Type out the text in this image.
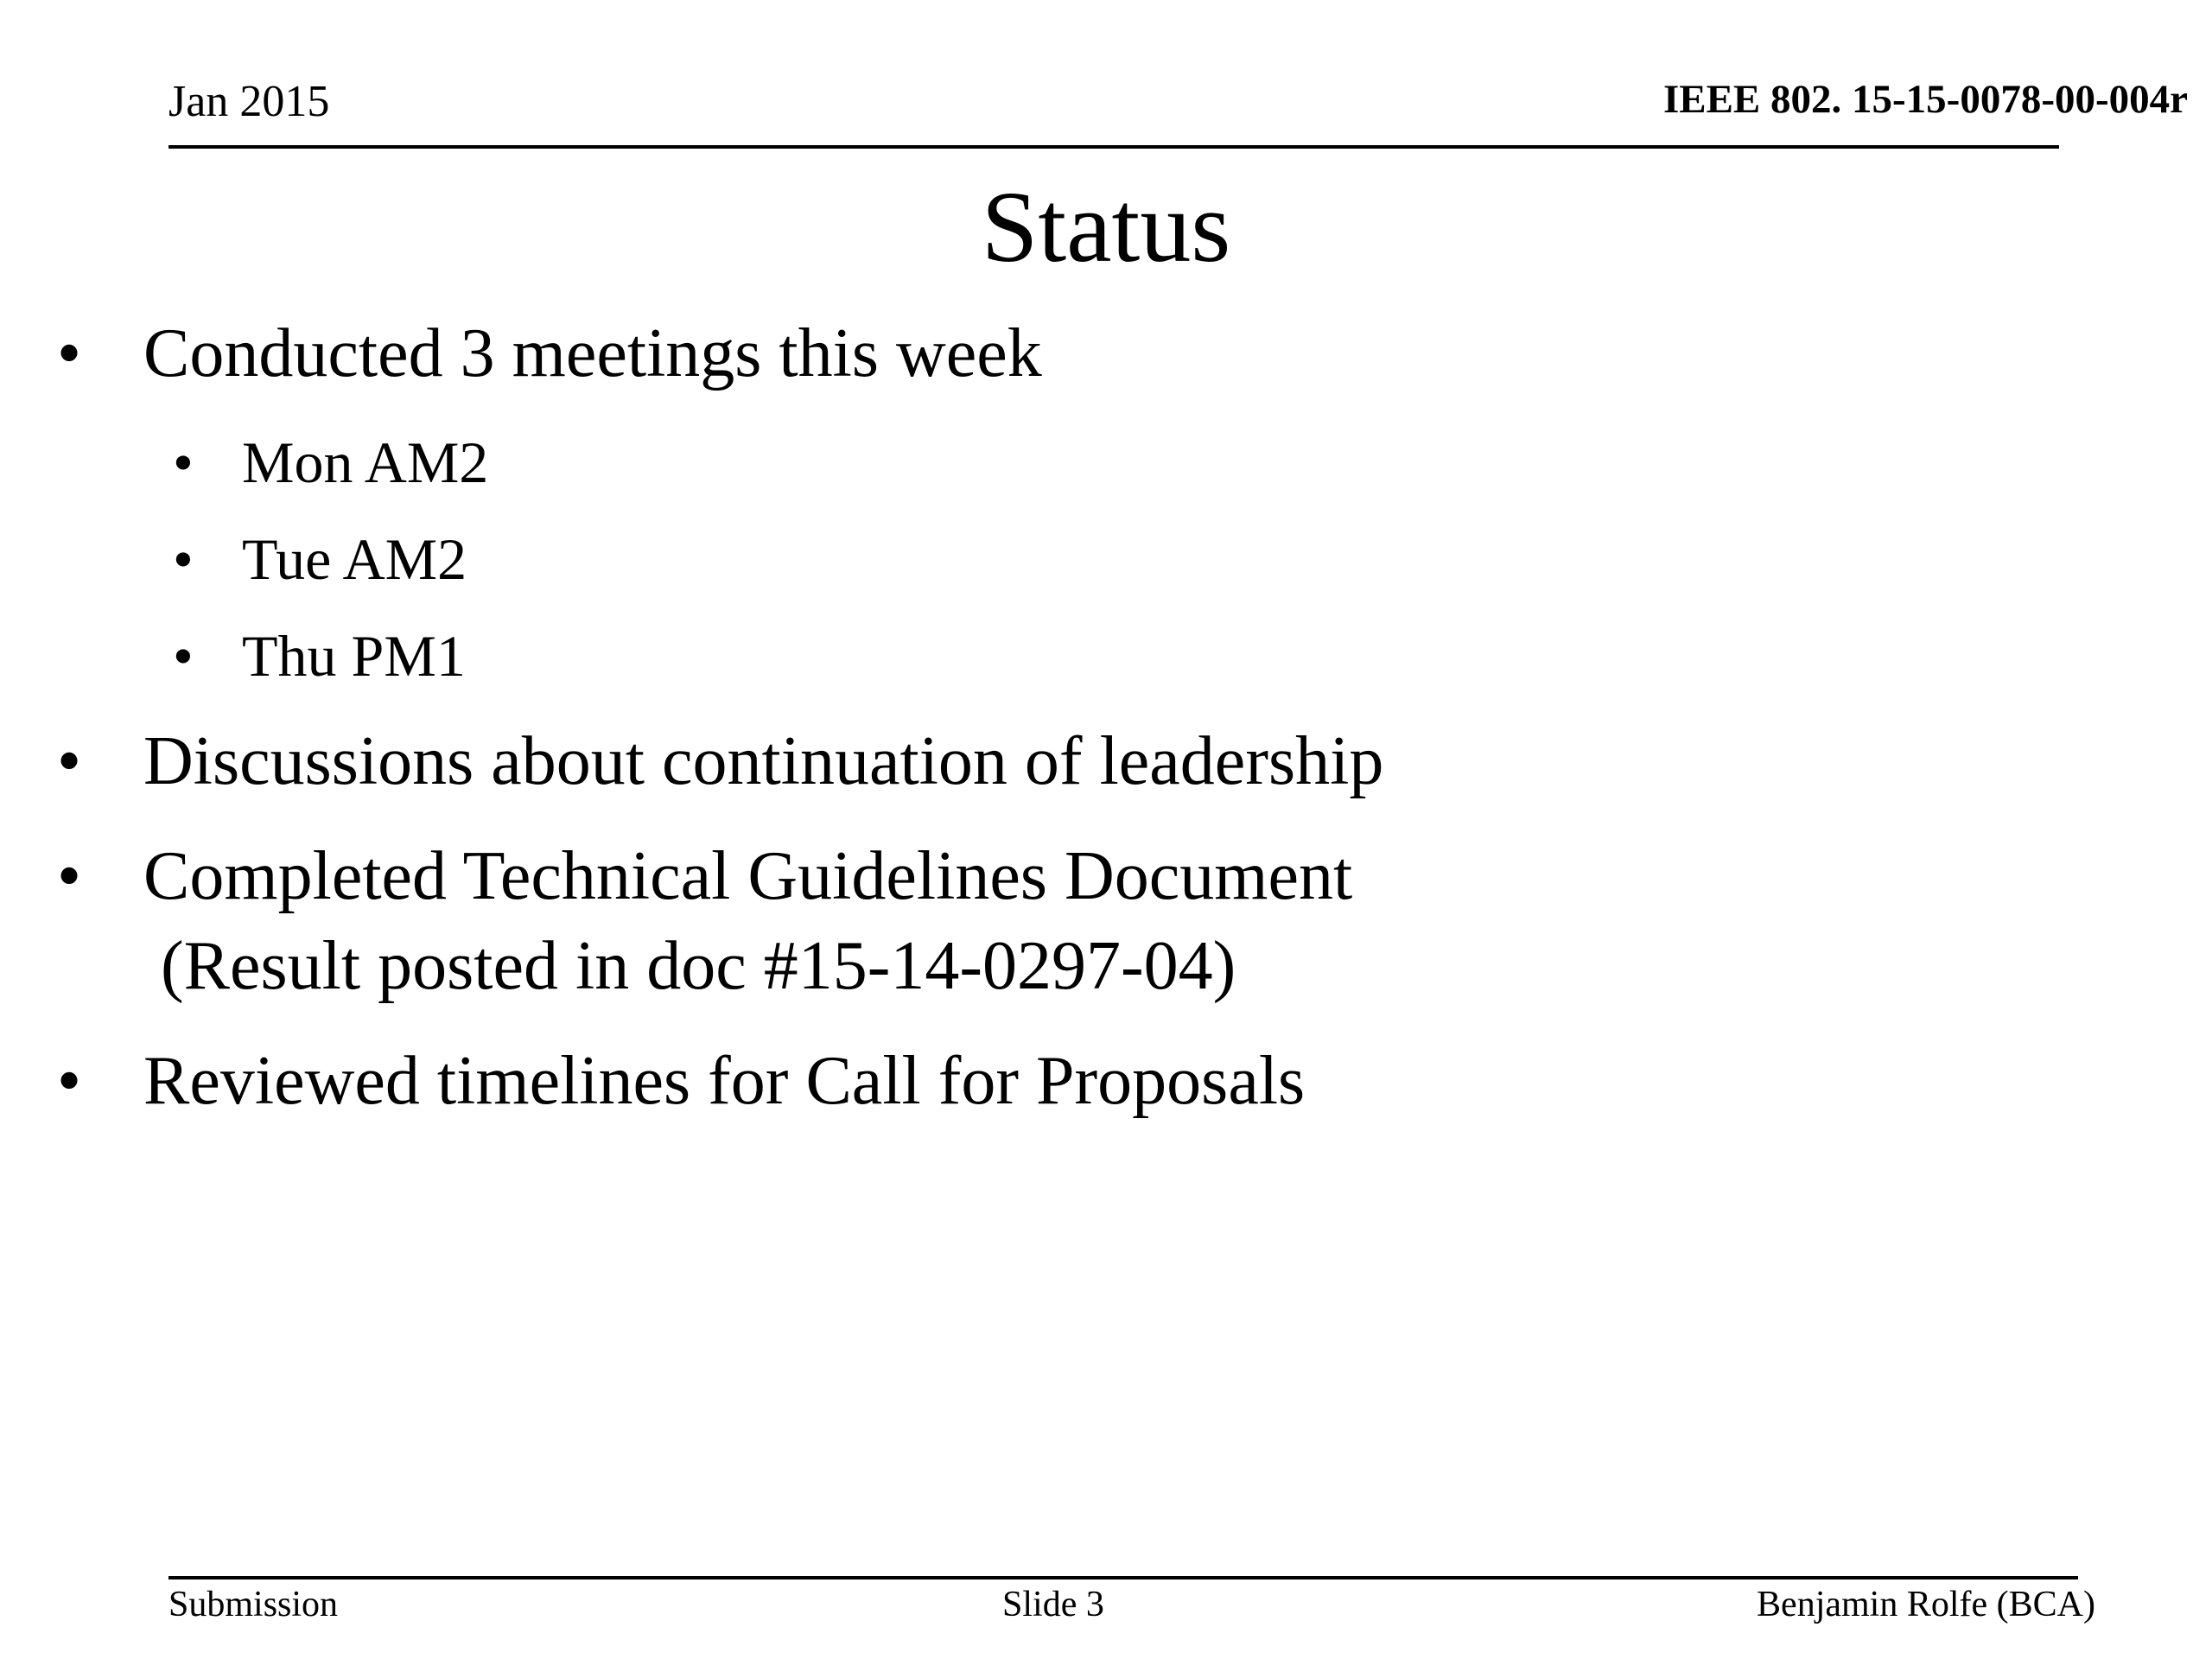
Jan 2015	IEEE 802. 15-15-0078-00-004r
Status
• Conducted 3 meetings this week
• Mon AM2
• Tue AM2
• Thu PM1
• Discussions about continuation of leadership
• Completed Technical Guidelines Document
(Result posted in doc #15-14-0297-04)
• Reviewed timelines for Call for Proposals
Submission	Slide 3	Benjamin Rolfe (BCA)
